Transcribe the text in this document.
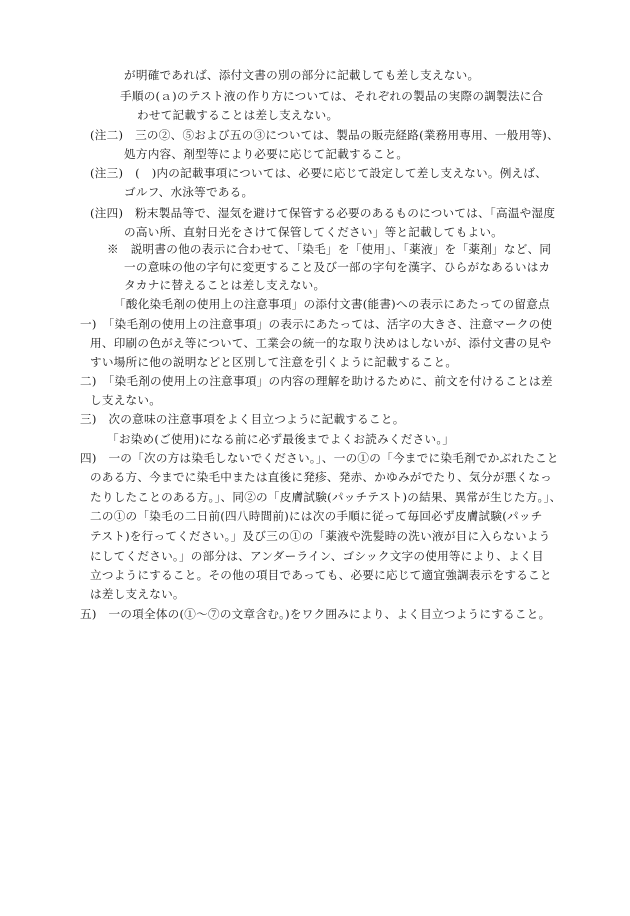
が明確であれば、添付文書の別の部分に記載しても差し支えない。
手順の(ａ)のテスト液の作り方については、それぞれの製品の実際の調製法に合
わせて記載することは差し支えない。
(注二)　三の②、⑤および五の③については、製品の販売経路(業務用専用、一般用等)、
処方内容、剤型等により必要に応じて記載すること。
(注三)　(　)内の記載事項については、必要に応じて設定して差し支えない。例えば、
ゴルフ、水泳等である。
(注四)　粉末製品等で、湿気を避けて保管する必要のあるものについては、「高温や湿度
の高い所、直射日光をさけて保管してください」等と記載してもよい。
※　説明書の他の表示に合わせて、「染毛」を「使用」、「薬液」を「薬剤」など、同
一の意味の他の字句に変更すること及び一部の字句を漢字、ひらがなあるいはカ
タカナに替えることは差し支えない。
「酸化染毛剤の使用上の注意事項」の添付文書(能書)への表示にあたっての留意点
一)　「染毛剤の使用上の注意事項」の表示にあたっては、活字の大きさ、注意マークの使
用、印刷の色がえ等について、工業会の統一的な取り決めはしないが、添付文書の見や
すい場所に他の説明などと区別して注意を引くように記載すること。
二)　「染毛剤の使用上の注意事項」の内容の理解を助けるために、前文を付けることは差
し支えない。
三)　次の意味の注意事項をよく目立つように記載すること。
「お染め(ご使用)になる前に必ず最後までよくお読みください。」
四)　一の「次の方は染毛しないでください。」、一の①の「今までに染毛剤でかぶれたこと
のある方、今までに染毛中または直後に発疹、発赤、かゆみがでたり、気分が悪くなっ
たりしたことのある方。」、同②の「皮膚試験(パッチテスト)の結果、異常が生じた方。」、
二の①の「染毛の二日前(四八時間前)には次の手順に従って毎回必ず皮膚試験(パッチ
テスト)を行ってください。」及び三の①の「薬液や洗髪時の洗い液が目に入らないよう
にしてください。」の部分は、アンダーライン、ゴシック文字の使用等により、よく目
立つようにすること。その他の項目であっても、必要に応じて適宜強調表示をすること
は差し支えない。
五)　一の項全体の(①〜⑦の文章含む。)をワク囲みにより、よく目立つようにすること。
